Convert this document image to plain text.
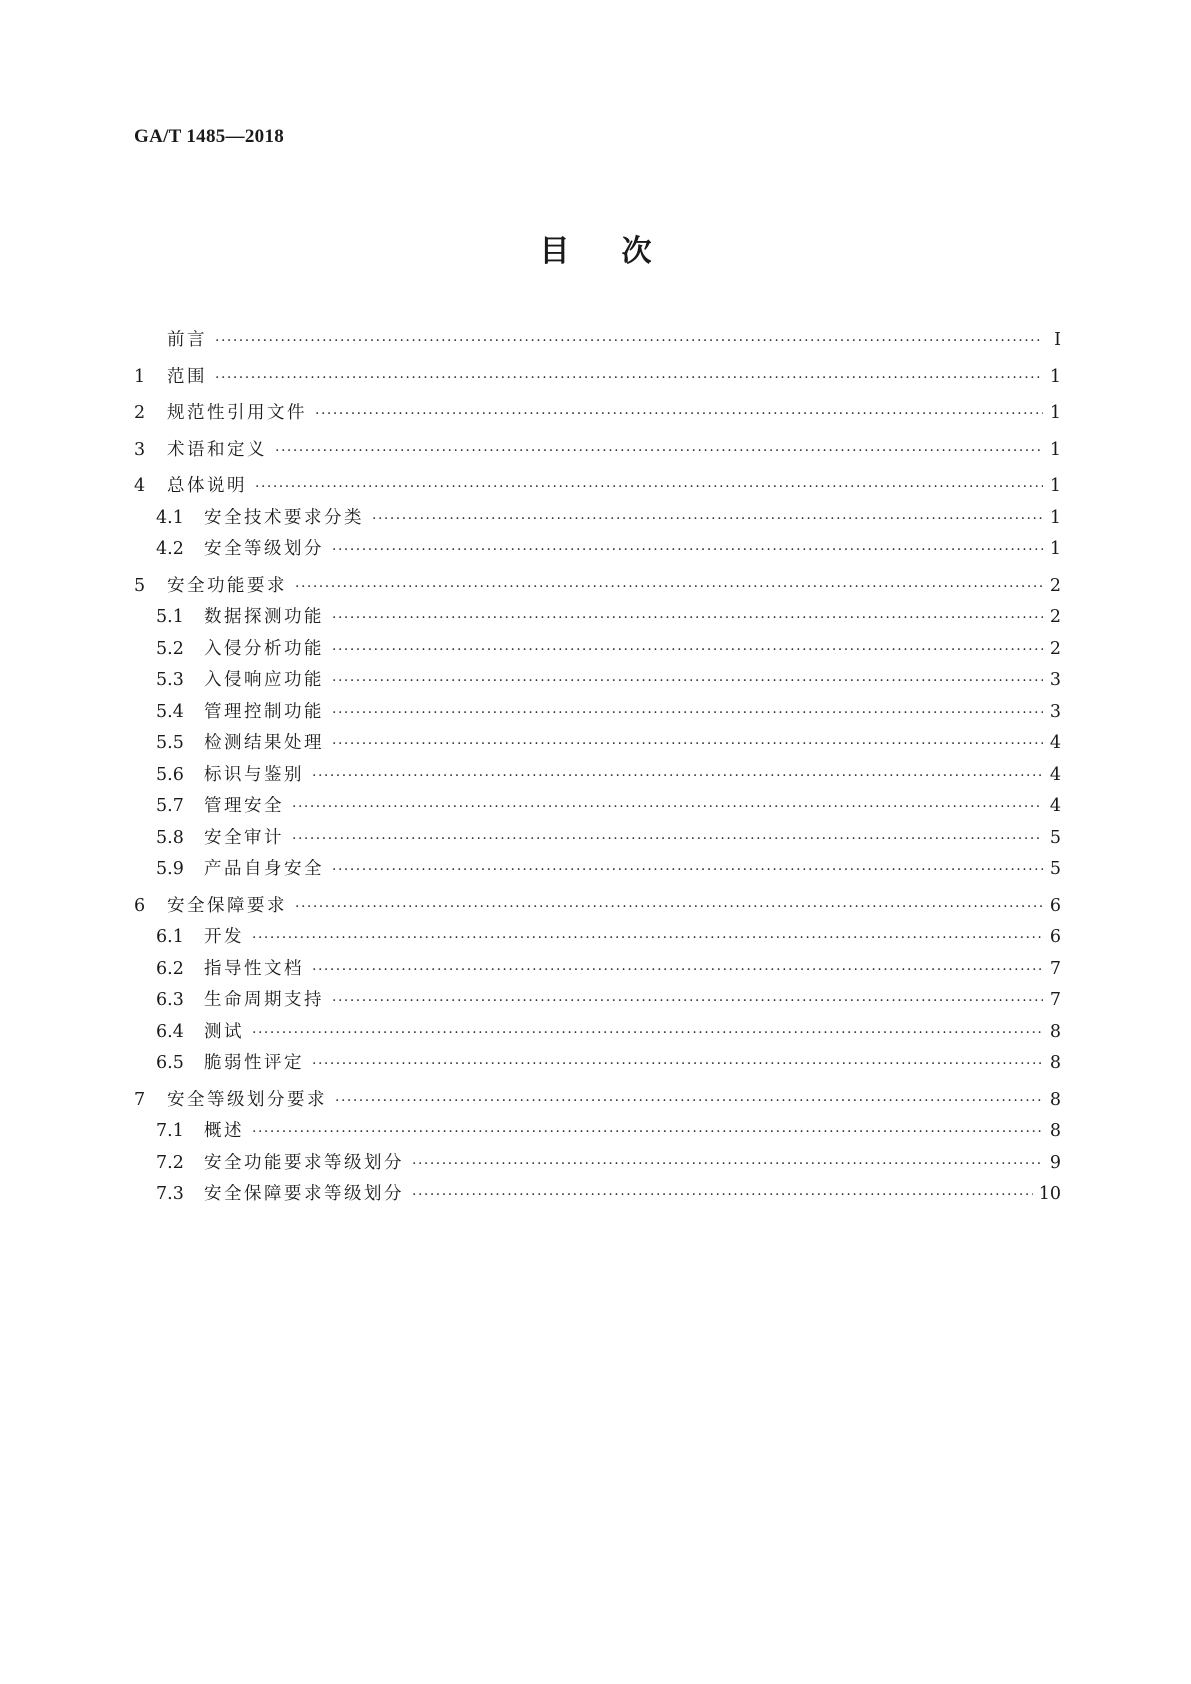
GA/T 1485—2018
目次
前言 ·····	Ⅰ
1	范围 ·····	1
2	规范性引用文件 ·····	1
3	术语和定义 ·····	1
4	总体说明 ·····	1
4.1	安全技术要求分类 ·····	1
4.2	安全等级划分 ·····	1
5	安全功能要求 ·····	2
5.1	数据探测功能 ·····	2
5.2	入侵分析功能 ·····	2
5.3	入侵响应功能 ·····	3
5.4	管理控制功能 ·····	3
5.5	检测结果处理 ·····	4
5.6	标识与鉴别 ·····	4
5.7	管理安全 ·····	4
5.8	安全审计 ·····	5
5.9	产品自身安全 ·····	5
6	安全保障要求 ·····	6
6.1	开发 ·····	6
6.2	指导性文档 ·····	7
6.3	生命周期支持 ·····	7
6.4	测试 ·····	8
6.5	脆弱性评定 ·····	8
7	安全等级划分要求 ·····	8
7.1	概述 ·····	8
7.2	安全功能要求等级划分 ·····	9
7.3	安全保障要求等级划分 ·····	10
